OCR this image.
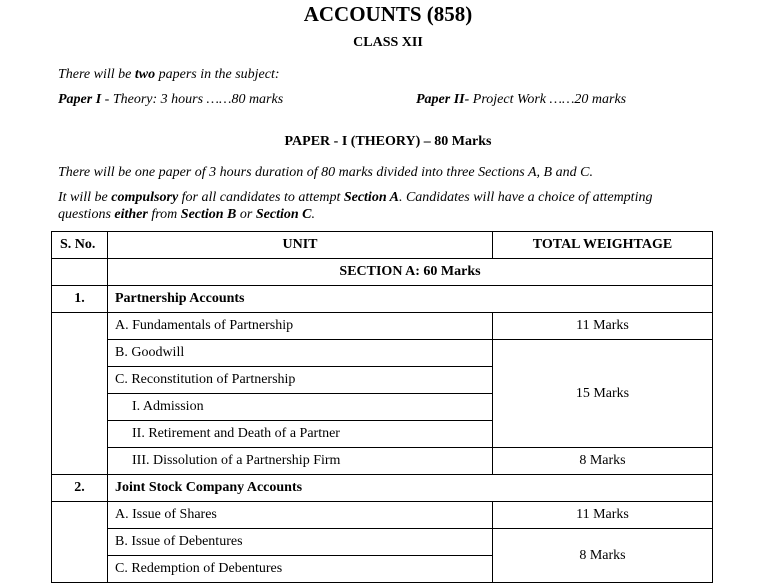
ACCOUNTS (858)
CLASS XII
There will be two papers in the subject:
Paper I - Theory: 3 hours ……80 marks	Paper II- Project Work ……20 marks
PAPER - I (THEORY) – 80 Marks
There will be one paper of 3 hours duration of 80 marks divided into three Sections A, B and C.
It will be compulsory for all candidates to attempt Section A. Candidates will have a choice of attempting
questions either from Section B or Section C.
S. No.	UNIT	TOTAL WEIGHTAGE
	SECTION A: 60 Marks	
1.	Partnership Accounts	
	A. Fundamentals of Partnership	11 Marks
	B. Goodwill	15 Marks
	C. Reconstitution of Partnership	
	I. Admission	
	II. Retirement and Death of a Partner	
	III. Dissolution of a Partnership Firm	8 Marks
2.	Joint Stock Company Accounts	
	A. Issue of Shares	11 Marks
	B. Issue of Debentures	8 Marks
	C. Redemption of Debentures	
